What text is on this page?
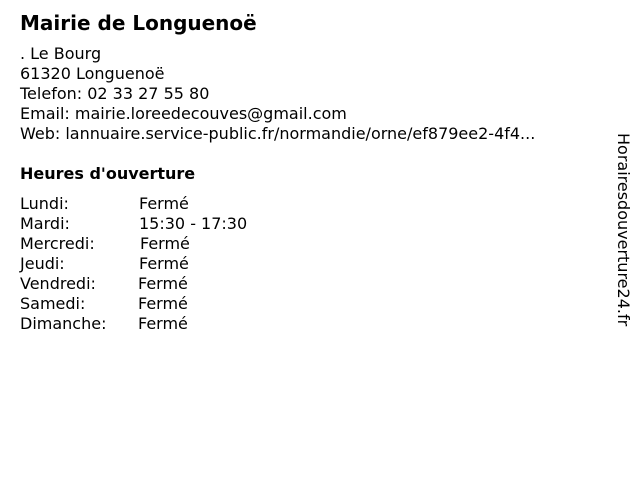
Mairie de Longuenoë
. Le Bourg
61320 Longuenoë
Telefon: 02 33 27 55 80
Email: mairie.loreedecouves@gmail.com
Web: lannuaire.service-public.fr/normandie/orne/ef879ee2-4f4...
Heures d'ouverture
Lundi:	Fermé
Mardi:	15:30 - 17:30
Mercredi:	Fermé
Jeudi:	Fermé
Vendredi:	Fermé
Samedi:	Fermé
Dimanche: Fermé	Horairesdouverture24.fr
